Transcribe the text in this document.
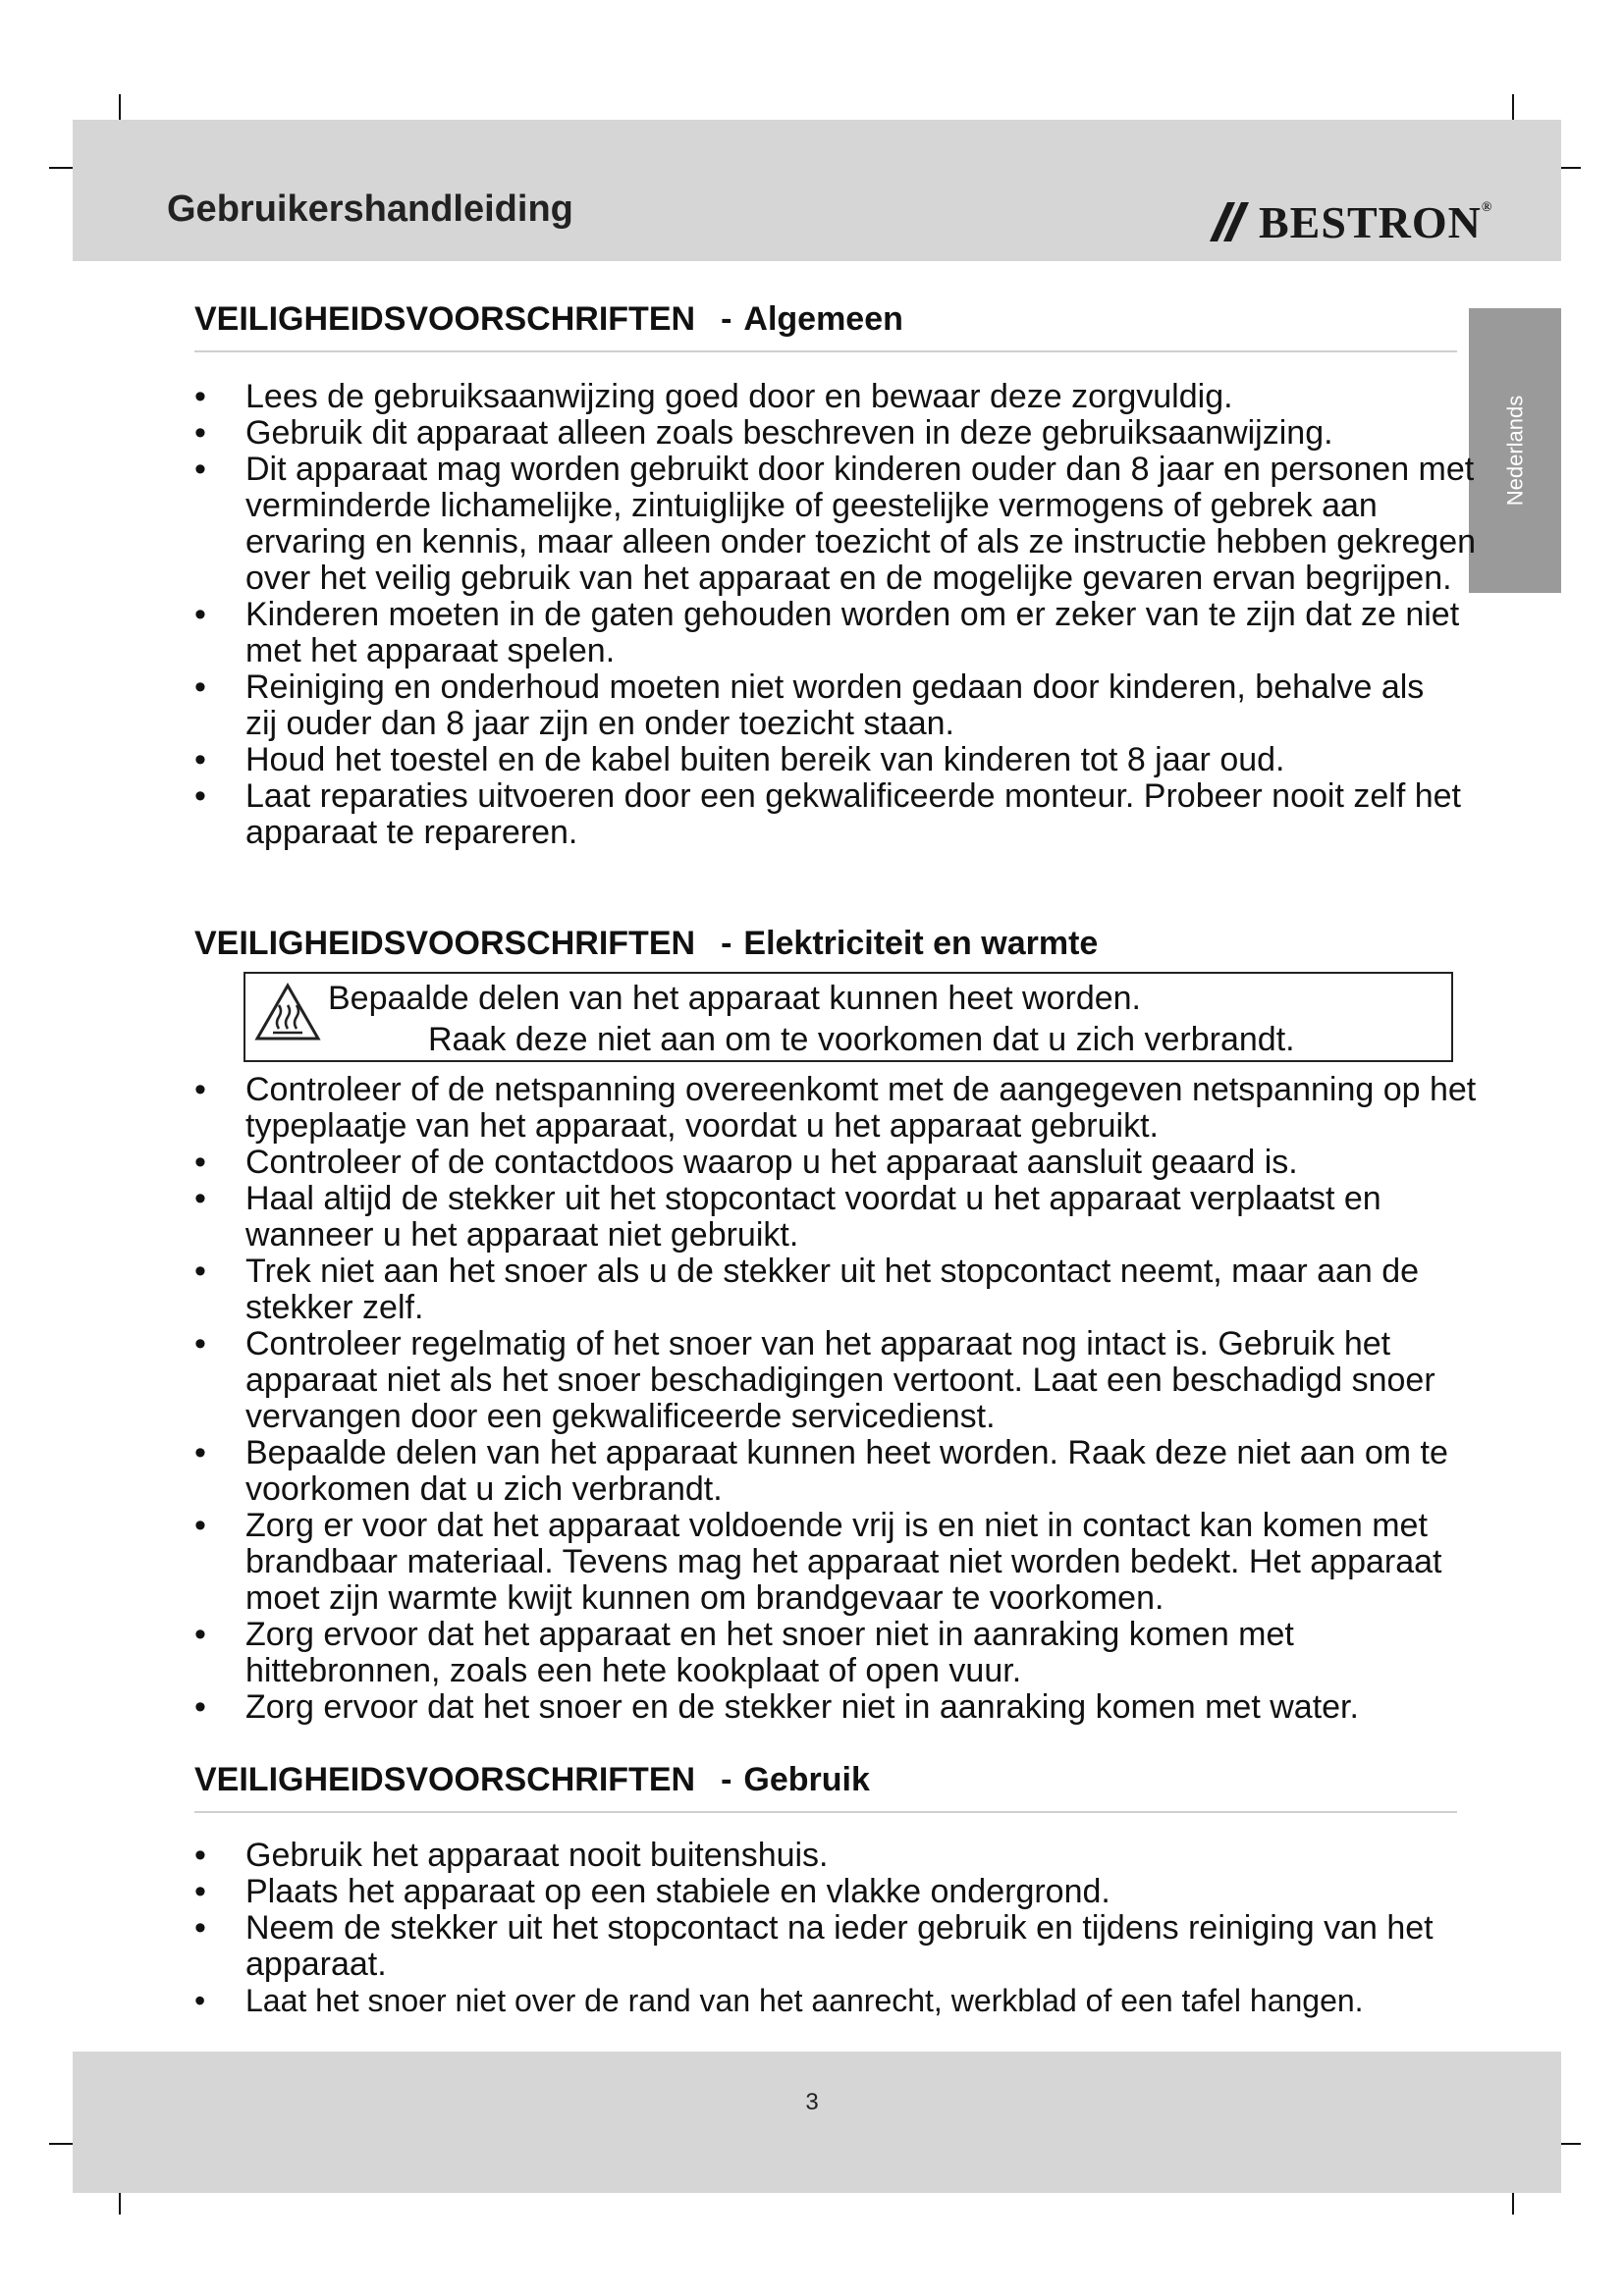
Gebruikershandleiding	BESTRON®
Nederlands
VEILIGHEIDSVOORSCHRIFTEN - Algemeen
• Lees de gebruiksaanwijzing goed door en bewaar deze zorgvuldig.
• Gebruik dit apparaat alleen zoals beschreven in deze gebruiksaanwijzing.
• Dit apparaat mag worden gebruikt door kinderen ouder dan 8 jaar en personen met verminderde lichamelijke, zintuiglijke of geestelijke vermogens of gebrek aan ervaring en kennis, maar alleen onder toezicht of als ze instructie hebben gekregen over het veilig gebruik van het apparaat en de mogelijke gevaren ervan begrijpen.
• Kinderen moeten in de gaten gehouden worden om er zeker van te zijn dat ze niet met het apparaat spelen.
• Reiniging en onderhoud moeten niet worden gedaan door kinderen, behalve als zij ouder dan 8 jaar zijn en onder toezicht staan.
• Houd het toestel en de kabel buiten bereik van kinderen tot 8 jaar oud.
• Laat reparaties uitvoeren door een gekwalificeerde monteur. Probeer nooit zelf het apparaat te repareren.
VEILIGHEIDSVOORSCHRIFTEN - Elektriciteit en warmte
Bepaalde delen van het apparaat kunnen heet worden.
Raak deze niet aan om te voorkomen dat u zich verbrandt.
• Controleer of de netspanning overeenkomt met de aangegeven netspanning op het typeplaatje van het apparaat, voordat u het apparaat gebruikt.
• Controleer of de contactdoos waarop u het apparaat aansluit geaard is.
• Haal altijd de stekker uit het stopcontact voordat u het apparaat verplaatst en wanneer u het apparaat niet gebruikt.
• Trek niet aan het snoer als u de stekker uit het stopcontact neemt, maar aan de stekker zelf.
• Controleer regelmatig of het snoer van het apparaat nog intact is. Gebruik het apparaat niet als het snoer beschadigingen vertoont. Laat een beschadigd snoer vervangen door een gekwalificeerde servicedienst.
• Bepaalde delen van het apparaat kunnen heet worden. Raak deze niet aan om te voorkomen dat u zich verbrandt.
• Zorg er voor dat het apparaat voldoende vrij is en niet in contact kan komen met brandbaar materiaal. Tevens mag het apparaat niet worden bedekt. Het apparaat moet zijn warmte kwijt kunnen om brandgevaar te voorkomen.
• Zorg ervoor dat het apparaat en het snoer niet in aanraking komen met hittebronnen, zoals een hete kookplaat of open vuur.
• Zorg ervoor dat het snoer en de stekker niet in aanraking komen met water.
VEILIGHEIDSVOORSCHRIFTEN - Gebruik
• Gebruik het apparaat nooit buitenshuis.
• Plaats het apparaat op een stabiele en vlakke ondergrond.
• Neem de stekker uit het stopcontact na ieder gebruik en tijdens reiniging van het apparaat.
• Laat het snoer niet over de rand van het aanrecht, werkblad of een tafel hangen.
3
